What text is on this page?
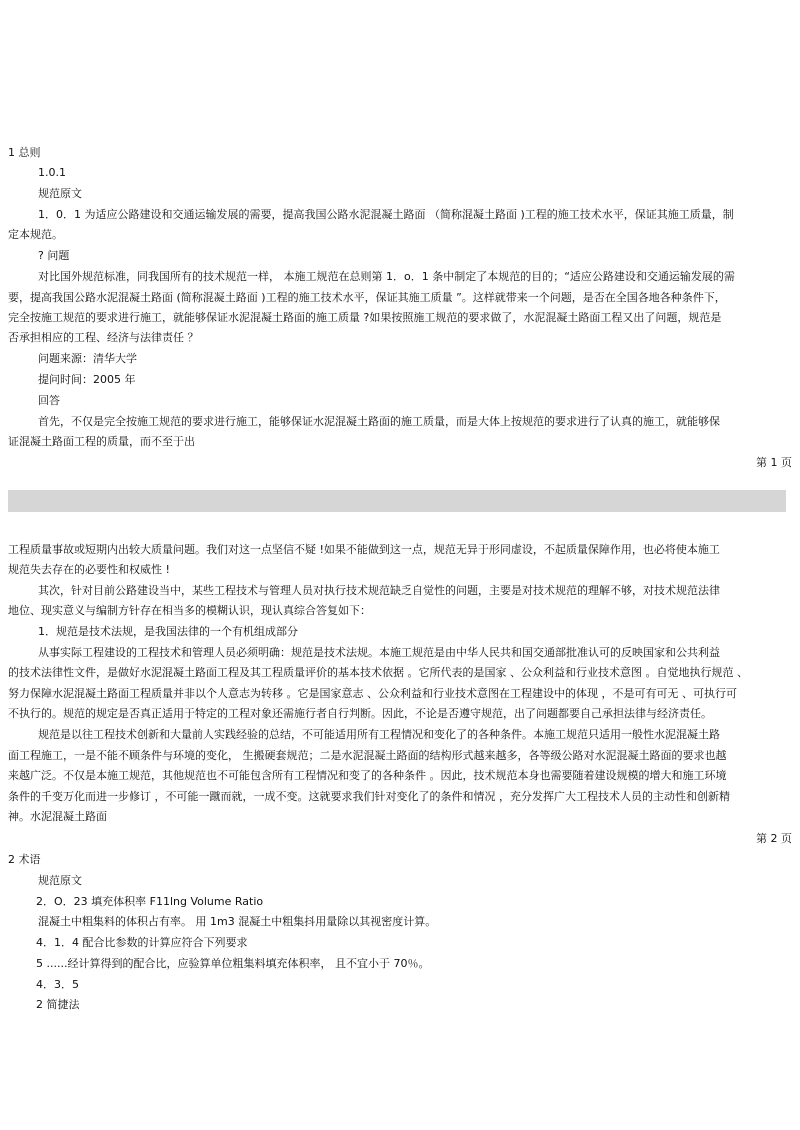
1 总则
1.0.1
规范原文
1．0．1 为适应公路建设和交通运输发展的需要，提高我国公路水泥混凝土路面 （简称混凝土路面 )工程的施工技术水平，保证其施工质量，制
定本规范。
? 问题
对比国外规范标准，同我国所有的技术规范一样， 本施工规范在总则第 1．o．1 条中制定了本规范的目的；“适应公路建设和交通运输发展的需
要，提高我国公路水泥混凝土路面 (简称混凝土路面 )工程的施工技术水平，保证其施工质量 ”。这样就带来一个问题，是否在全国各地各种条件下，
完全按施工规范的要求进行施工，就能够保证水泥混凝土路面的施工质量 ?如果按照施工规范的要求做了，水泥混凝土路面工程又出了问题，规范是
否承担相应的工程、经济与法律责任 ？
问题来源：清华大学
提问时间：2005 年
回答
首先，不仅是完全按施工规范的要求进行施工，能够保证水泥混凝土路面的施工质量，而是大体上按规范的要求进行了认真的施工，就能够保
证混凝土路面工程的质量，而不至于出
第 1 页
工程质量事故或短期内出较大质量问题。我们对这一点坚信不疑 !如果不能做到这一点，规范无异于形同虚设，不起质量保障作用，也必将使本施工
规范失去存在的必要性和权威性 !
其次，针对目前公路建设当中，某些工程技术与管理人员对执行技术规范缺乏自觉性的问题，主要是对技术规范的理解不够，对技术规范法律
地位、现实意义与编制方针存在相当多的模糊认识，现认真综合答复如下：
1．规范是技术法规，是我国法律的一个有机组成部分
从事实际工程建设的工程技术和管理人员必须明确：规范是技术法规。本施工规范是由中华人民共和国交通部批准认可的反映国家和公共利益
的技术法律性文件，是做好水泥混凝土路面工程及其工程质量评价的基本技术依据 。它所代表的是国家 、公众利益和行业技术意图 。自觉地执行规范 、
努力保障水泥混凝土路面工程质量并非以个人意志为转移 。它是国家意志 、公众利益和行业技术意图在工程建设中的体现 ，不是可有可无 、可执行可
不执行的。规范的规定是否真正适用于特定的工程对象还需施行者自行判断。因此，不论是否遵守规范，出了问题都要自己承担法律与经济责任。
规范是以往工程技术创新和大量前人实践经验的总结，不可能适用所有工程情况和变化了的各种条件。本施工规范只适用一般性水泥混凝土路
面工程施工，一是不能不顾条件与环境的变化， 生搬硬套规范；二是水泥混凝土路面的结构形式越来越多，各等级公路对水泥混凝土路面的要求也越
来越广泛。不仅是本施工规范，其他规范也不可能包含所有工程情况和变了的各种条件 。因此，技术规范本身也需要随着建设规模的增大和施工环境
条件的千变万化而进一步修订 ，不可能一蹴而就，一成不变。这就要求我们针对变化了的条件和情况 ，充分发挥广大工程技术人员的主动性和创新精
神。水泥混凝土路面
第 2 页
2 术语
规范原文
2．O．23 填充体积率 F11lng Volume Ratio
混凝土中粗集料的体积占有率。 用 1m3 混凝土中粗集抖用量除以其视密度计算。
4．1．4 配合比参数的计算应符合下列要求
5 ......经计算得到的配合比，应验算单位粗集料填充体积率， 且不宜小于 70％。
4．3．5
2 简捷法
